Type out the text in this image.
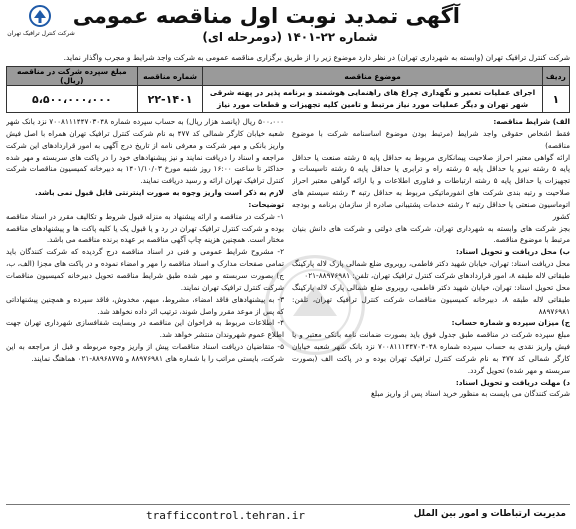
شرکت کنترل ترافیک تهران
آگهی تمدید نوبت اول مناقصه عمومی
شماره ۲۲-۱۴۰۱ (دومرحله ای)
شرکت کنترل ترافیک تهران (وابسته به شهرداری تهران) در نظر دارد موضوع زیر را از طریق برگزاری مناقصه عمومی به شرکت واجد شرایط و مجرب واگذار نماید.
ردیف	موضوع مناقصه	شماره مناقصه	مبلغ سپرده شرکت در مناقصه (ریال)
۱	اجرای عملیات تعمیر و نگهداری چراغ های راهنمایی هوشمند و برنامه پذیر در پهنه شرقی شهر تهران و دیگر عملیات مورد نیاز مرتبط و تامین کلیه تجهیزات و قطعات مورد نیاز	۲۲-۱۴۰۱	۵،۵۰۰،۰۰۰،۰۰۰

الف) شرایط مناقصه:

فقط اشخاص حقوقی واجد شرایط (مرتبط بودن موضوع اساسنامه شرکت با موضوع مناقصه)

ارائه گواهی معتبر احراز صلاحیت پیمانکاری مربوط به حداقل پایه ۵ رشته صنعت یا حداقل پایه ۵ رشته نیرو یا حداقل پایه ۵ رشته راه و ترابری یا حداقل پایه ۵ رشته تاسیسات و تجهیزات یا حداقل پایه ۵ رشته ارتباطات و فناوری اطلاعات و یا ارائه گواهی معتبر احراز صلاحیت و رتبه بندی شرکت های انفورماتیکی مربوط به حداقل رتبه ۳ رشته سیستم های اتوماسیون صنعتی یا حداقل رتبه ۲ رشته خدمات پشتیبانی صادره از سازمان برنامه و بودجه کشور

بجز شرکت های وابسته به شهرداری تهران، شرکت های دولتی و شرکت های دانش بنیان مرتبط با موضوع مناقصه.

ب) محل دریافت و تحویل اسناد:

محل دریافت اسناد: تهران، خیابان شهید دکتر فاطمی، روبروی ضلع شمالی پارک لاله پارکینگ طبقاتی لاله طبقه ۸، امور قراردادهای شرکت کنترل ترافیک تهران، تلفن: ۸۸۹۷۶۹۸۱-۰۲۱

محل تحویل اسناد: تهران، خیابان شهید دکتر فاطمی، روبروی ضلع شمالی پارک لاله پارکینگ طبقاتی لاله طبقه ۸، دبیرخانه کمیسیون مناقصات شرکت کنترل ترافیک تهران، تلفن: ۸۸۹۷۶۹۸۱

ج) میزان سپرده و شماره حساب:

مبلغ سپرده شرکت در مناقصه طبق جدول فوق باید بصورت ضمانت نامه بانکی معتبر و یا فیش واریز نقدی به حساب سپرده شماره ۷۰۰۸۱۱۱۴۴۷۰۳۰۴۸ نزد بانک شهر شعبه خیابان کارگر شمالی کد ۴۷۷ به نام شرکت کنترل ترافیک تهران بوده و در پاکت الف (بصورت سربسته و مهر شده) تحویل گردد.

د) مهلت دریافت و تحویل اسناد:

شرکت کنندگان می بایست به منظور خرید اسناد پس از واریز مبلغ

۵۰۰،۰۰۰ ریال (پانصد هزار ریال) به حساب سپرده شماره ۷۰۰۸۱۱۱۴۴۷۰۳۰۴۸ نزد بانک شهر شعبه خیابان کارگر شمالی کد ۴۷۷ به نام شرکت کنترل ترافیک تهران همراه با اصل فیش واریز بانکی و مهر شرکت و معرفی نامه از تاریخ درج آگهی به امور قراردادهای این شرکت مراجعه و اسناد را دریافت نمایند و نیز پیشنهادهای خود را در پاکت های سربسته و مهر شده حداکثر تا ساعت ۱۶:۰۰ روز شنبه مورخ ۱۴۰۱/۱۰/۰۳ به دبیرخانه کمیسیون مناقصات شرکت کنترل ترافیک تهران ارائه و رسید دریافت نمایند.

لازم به ذکر است واریز وجوه به صورت اینترنتی قابل قبول نمی باشد.

توضیحات:

۱- شرکت در مناقصه و ارائه پیشنهاد به منزله قبول شروط و تکالیف مقرر در اسناد مناقصه بوده و شرکت کنترل ترافیک تهران در رد و یا قبول یک یا کلیه پاکت ها و پیشنهادهای مناقصه مختار است. همچنین هزینه چاپ آگهی مناقصه بر عهده برنده مناقصه می باشد.

۲- مشروح شرایط عمومی و فنی در اسناد مناقصه درج گردیده که شرکت کنندگان باید تمامی صفحات مدارک و اسناد مناقصه را مهر و امضاء نموده و در پاکت های مجزا (الف، ب، ج) بصورت سربسته و مهر شده طبق شرایط مناقصه تحویل دبیرخانه کمیسیون مناقصات شرکت کنترل ترافیک تهران نمایند.

۳- به پیشنهادهای فاقد امضاء، مشروط، مبهم، مخدوش، فاقد سپرده و همچنین پیشنهاداتی که پس از موعد مقرر واصل شوند، ترتیب اثر داده نخواهد شد.

۴- اطلاعات مربوط به فراخوان این مناقصه در وبسایت شفافسازی شهرداری تهران جهت اطلاع عموم شهروندان منتشر خواهد شد.

۵- متقاضیان دریافت اسناد مناقصات پیش از واریز وجوه مربوطه و قبل از مراجعه به این شرکت، بایستی مراتب را با شماره های ۸۸۹۷۶۹۸۱ و ۸۸۹۶۸۷۷۵-۰۲۱ هماهنگ نمایند.

trafficcontrol.tehran.ir	مدیریت ارتباطات و امور بین الملل
